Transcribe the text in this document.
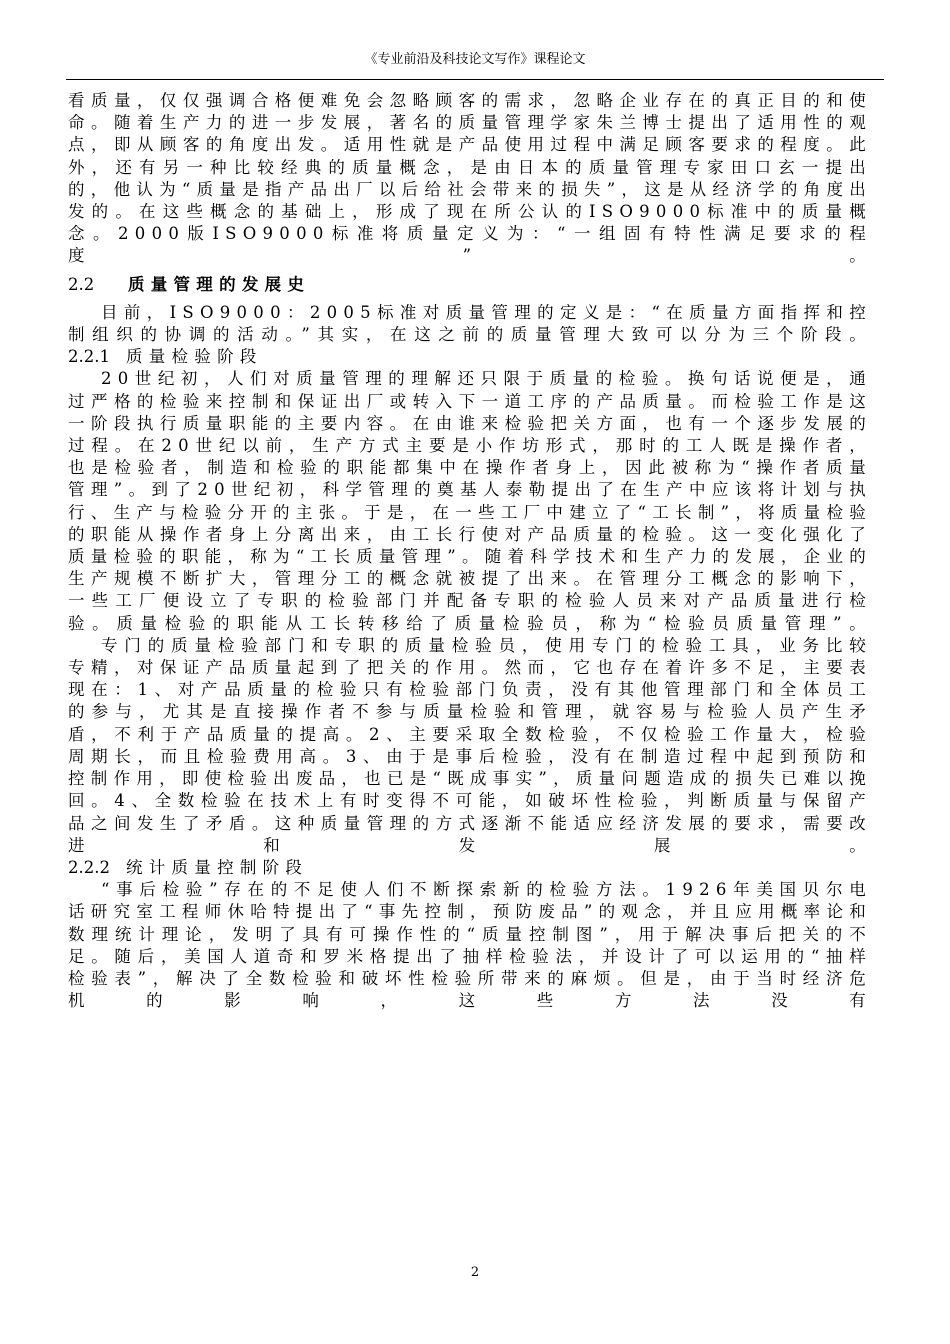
《专业前沿及科技论文写作》课程论文

看质量，仅仅强调合格便难免会忽略顾客的需求，忽略企业存在的真正目的和使命。随着生产力的进一步发展，著名的质量管理学家朱兰博士提出了适用性的观点，即从顾客的角度出发。适用性就是产品使用过程中满足顾客要求的程度。此外，还有另一种比较经典的质量概念，是由日本的质量管理专家田口玄一提出的，他认为“质量是指产品出厂以后给社会带来的损失”，这是从经济学的角度出发的。在这些概念的基础上，形成了现在所公认的ISO9000标准中的质量概念。2000版ISO9000标准将质量定义为：“一组固有特性满足要求的程度”。

2.2 质量管理的发展史

目前，ISO9000：2005标准对质量管理的定义是：“在质量方面指挥和控制组织的协调的活动。”其实，在这之前的质量管理大致可以分为三个阶段。

2.2.1 质量检验阶段

20世纪初，人们对质量管理的理解还只限于质量的检验。换句话说便是，通过严格的检验来控制和保证出厂或转入下一道工序的产品质量。而检验工作是这一阶段执行质量职能的主要内容。在由谁来检验把关方面，也有一个逐步发展的过程。在20世纪以前，生产方式主要是小作坊形式，那时的工人既是操作者，也是检验者，制造和检验的职能都集中在操作者身上，因此被称为“操作者质量管理”。到了20世纪初，科学管理的奠基人泰勒提出了在生产中应该将计划与执行、生产与检验分开的主张。于是，在一些工厂中建立了“工长制”，将质量检验的职能从操作者身上分离出来，由工长行使对产品质量的检验。这一变化强化了质量检验的职能，称为“工长质量管理”。随着科学技术和生产力的发展，企业的生产规模不断扩大，管理分工的概念就被提了出来。在管理分工概念的影响下，一些工厂便设立了专职的检验部门并配备专职的检验人员来对产品质量进行检验。质量检验的职能从工长转移给了质量检验员，称为“检验员质量管理”。

专门的质量检验部门和专职的质量检验员，使用专门的检验工具，业务比较专精，对保证产品质量起到了把关的作用。然而，它也存在着许多不足，主要表现在：1、对产品质量的检验只有检验部门负责，没有其他管理部门和全体员工的参与，尤其是直接操作者不参与质量检验和管理，就容易与检验人员产生矛盾，不利于产品质量的提高。2、主要采取全数检验，不仅检验工作量大，检验周期长，而且检验费用高。3、由于是事后检验，没有在制造过程中起到预防和控制作用，即使检验出废品，也已是“既成事实”，质量问题造成的损失已难以挽回。4、全数检验在技术上有时变得不可能，如破坏性检验，判断质量与保留产品之间发生了矛盾。这种质量管理的方式逐渐不能适应经济发展的要求，需要改进和发展。

2.2.2 统计质量控制阶段

“事后检验”存在的不足使人们不断探索新的检验方法。1926年美国贝尔电话研究室工程师休哈特提出了“事先控制，预防废品”的观念，并且应用概率论和数理统计理论，发明了具有可操作性的“质量控制图”，用于解决事后把关的不足。随后，美国人道奇和罗米格提出了抽样检验法，并设计了可以运用的“抽样检验表”，解决了全数检验和破坏性检验所带来的麻烦。但是，由于当时经济危机的影响，这些方法没有

2
